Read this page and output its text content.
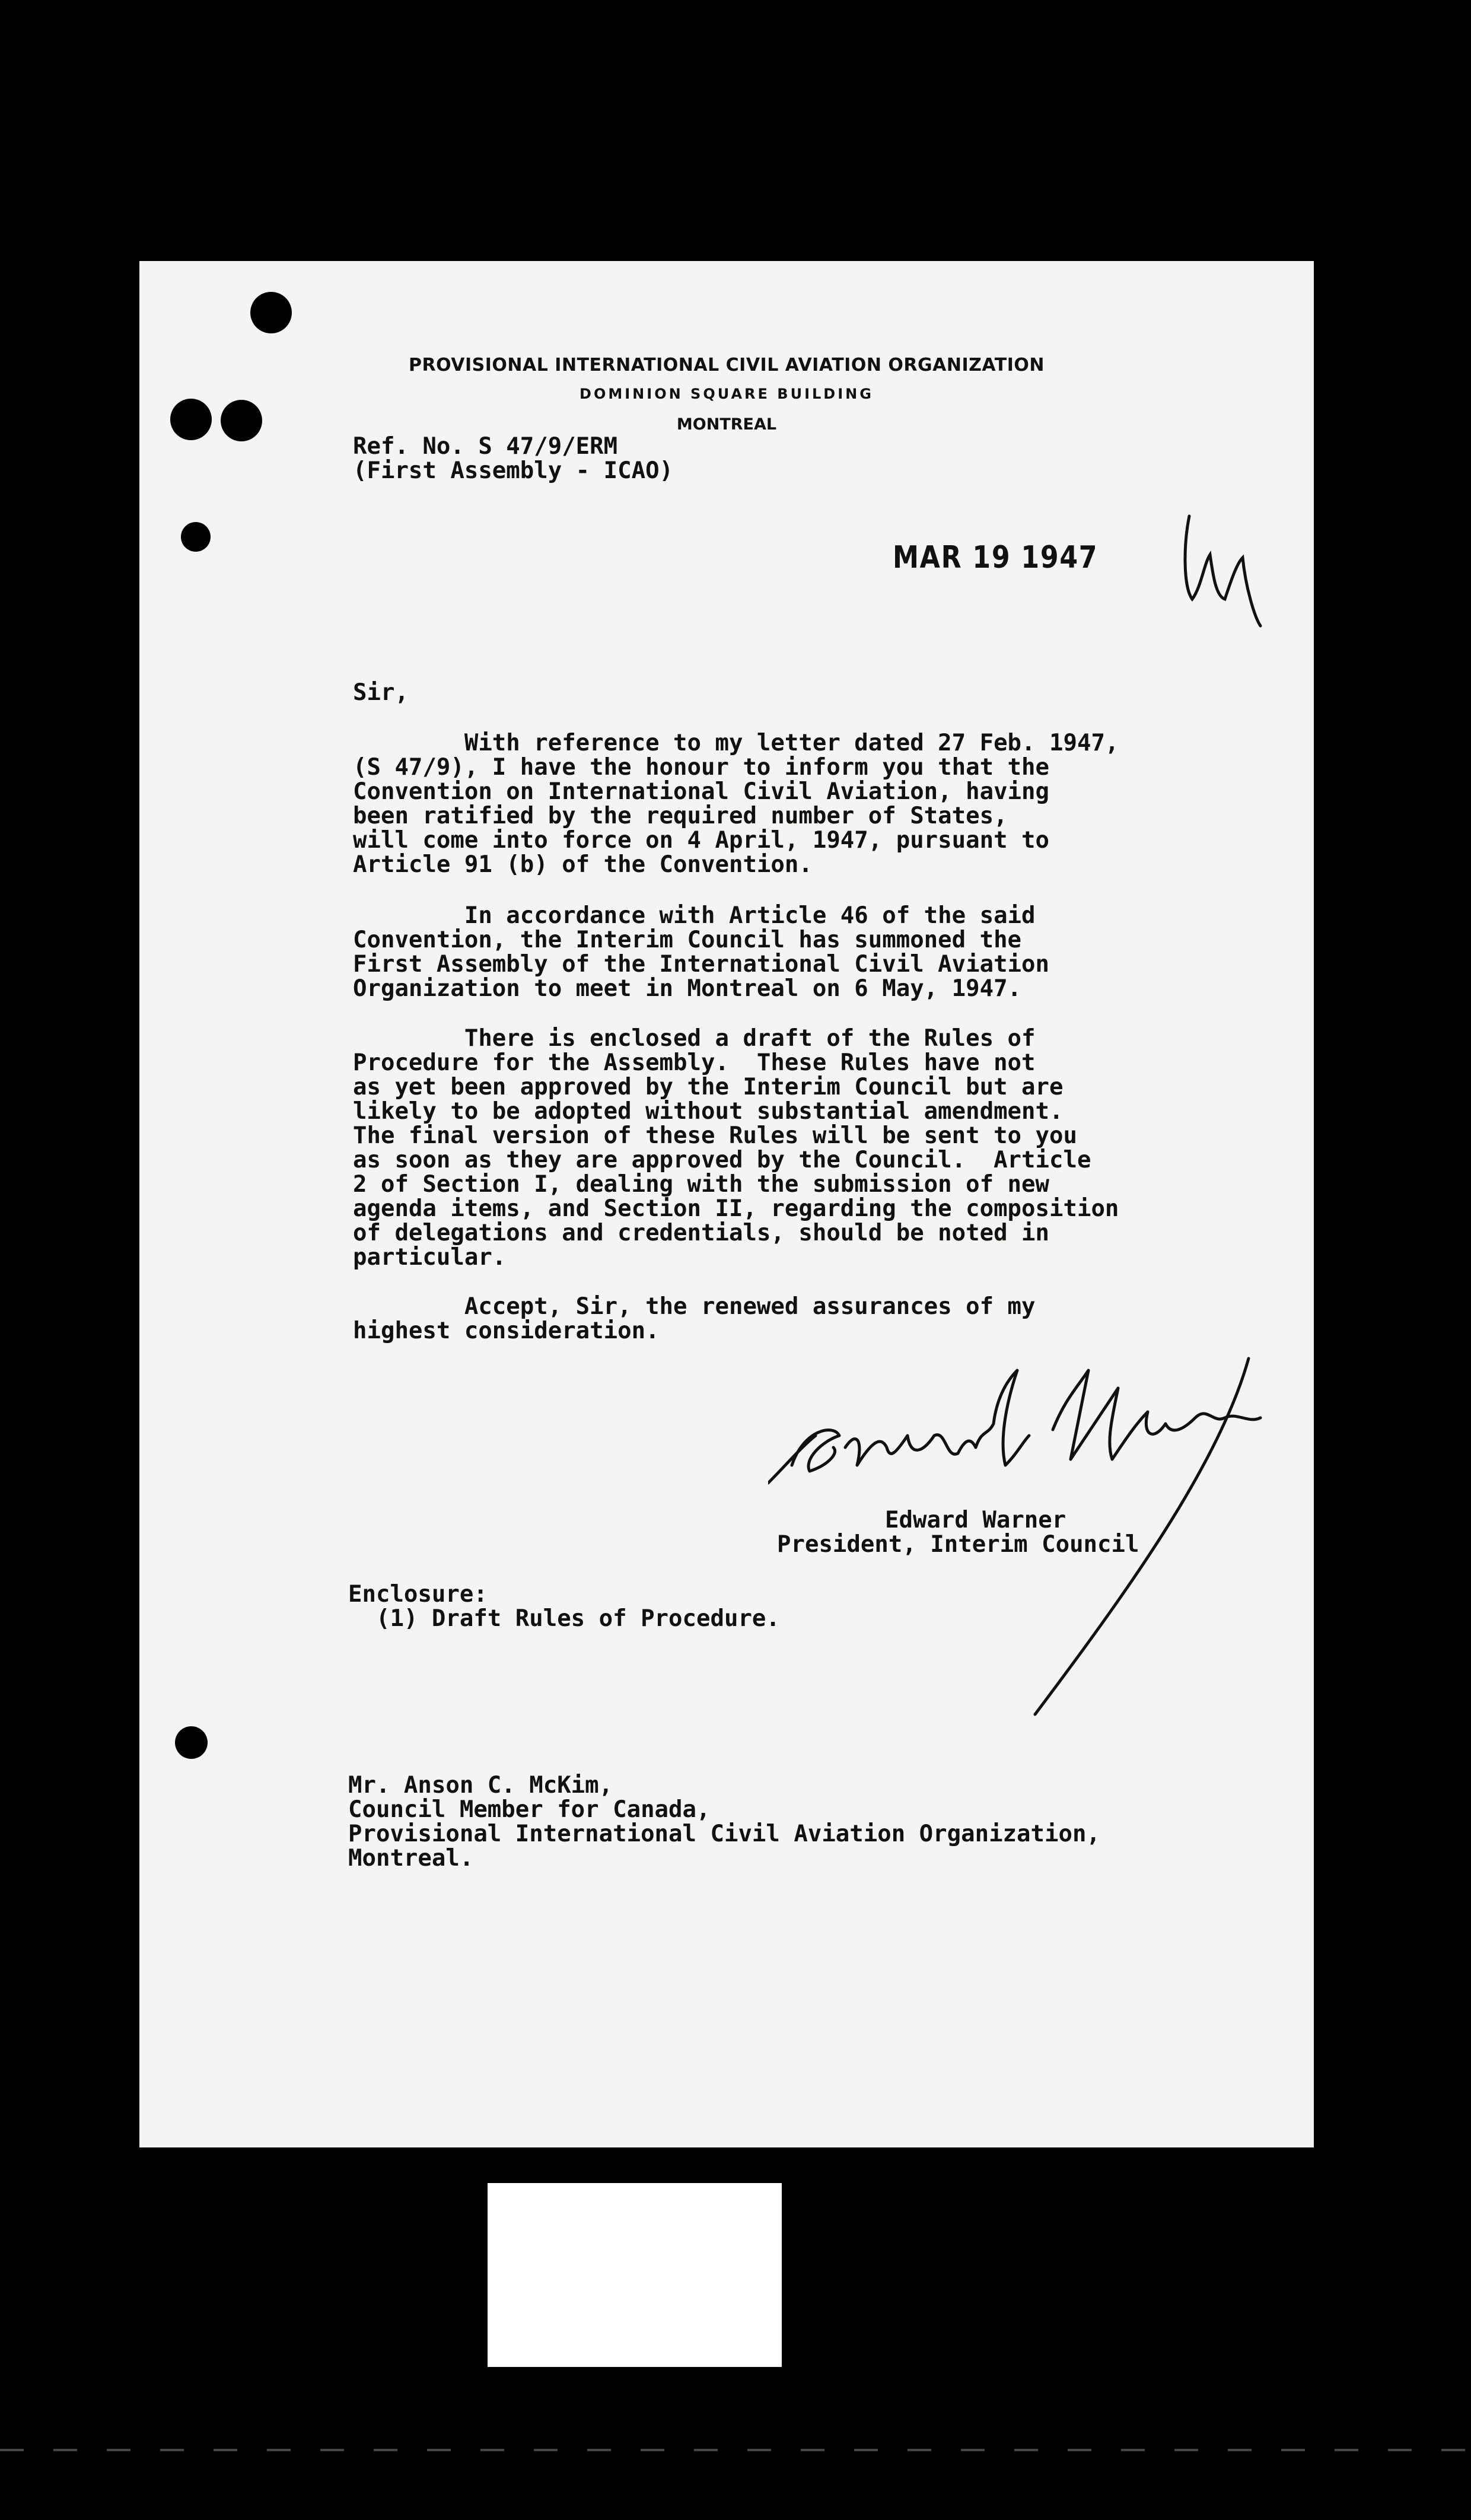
PROVISIONAL INTERNATIONAL CIVIL AVIATION ORGANIZATION
DOMINION SQUARE BUILDING
MONTREAL
Ref. No. S 47/9/ERM
(First Assembly - ICAO)
MAR 19 1947
Sir,
With reference to my letter dated 27 Feb. 1947,
(S 47/9), I have the honour to inform you that the
Convention on International Civil Aviation, having
been ratified by the required number of States,
will come into force on 4 April, 1947, pursuant to
Article 91 (b) of the Convention.
In accordance with Article 46 of the said
Convention, the Interim Council has summoned the
First Assembly of the International Civil Aviation
Organization to meet in Montreal on 6 May, 1947.
There is enclosed a draft of the Rules of
Procedure for the Assembly.  These Rules have not
as yet been approved by the Interim Council but are
likely to be adopted without substantial amendment.
The final version of these Rules will be sent to you
as soon as they are approved by the Council.  Article
2 of Section I, dealing with the submission of new
agenda items, and Section II, regarding the composition
of delegations and credentials, should be noted in
particular.
Accept, Sir, the renewed assurances of my
highest consideration.
Edward Warner
President, Interim Council
Enclosure:
(1) Draft Rules of Procedure.
Mr. Anson C. McKim,
Council Member for Canada,
Provisional International Civil Aviation Organization,
Montreal.
